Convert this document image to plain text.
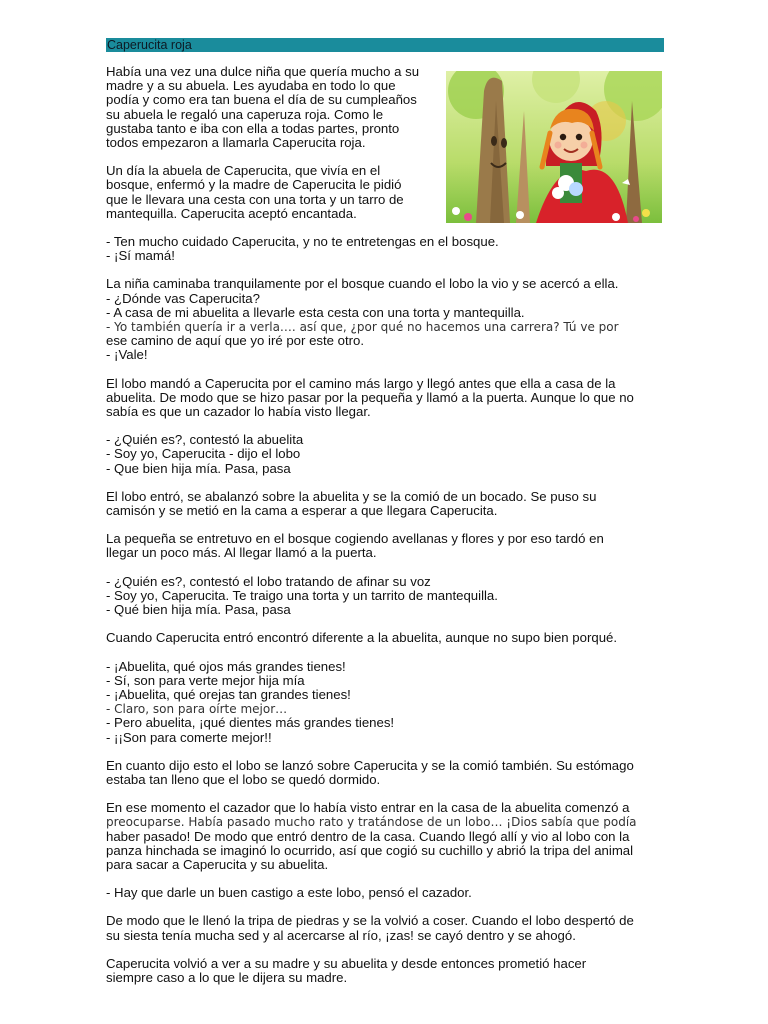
Caperucita roja

Había una vez una dulce niña que quería mucho a su
madre y a su abuela. Les ayudaba en todo lo que
podía y como era tan buena el día de su cumpleaños
su abuela le regaló una caperuza roja. Como le
gustaba tanto e iba con ella a todas partes, pronto
todos empezaron a llamarla Caperucita roja.

Un día la abuela de Caperucita, que vivía en el
bosque, enfermó y la madre de Caperucita le pidió
que le llevara una cesta con una torta y un tarro de
mantequilla. Caperucita aceptó encantada.

- Ten mucho cuidado Caperucita, y no te entretengas en el bosque.
- ¡Sí mamá!

La niña caminaba tranquilamente por el bosque cuando el lobo la vio y se acercó a ella.
- ¿Dónde vas Caperucita?
- A casa de mi abuelita a llevarle esta cesta con una torta y mantequilla.
- Yo también quería ir a verla…. así que, ¿por qué no hacemos una carrera? Tú ve por
ese camino de aquí que yo iré por este otro.
- ¡Vale!

El lobo mandó a Caperucita por el camino más largo y llegó antes que ella a casa de la
abuelita. De modo que se hizo pasar por la pequeña y llamó a la puerta. Aunque lo que no
sabía es que un cazador lo había visto llegar.

- ¿Quién es?, contestó la abuelita
- Soy yo, Caperucita - dijo el lobo
- Que bien hija mía. Pasa, pasa

El lobo entró, se abalanzó sobre la abuelita y se la comió de un bocado. Se puso su
camisón y se metió en la cama a esperar a que llegara Caperucita.

La pequeña se entretuvo en el bosque cogiendo avellanas y flores y por eso tardó en
llegar un poco más. Al llegar llamó a la puerta.

- ¿Quién es?, contestó el lobo tratando de afinar su voz
- Soy yo, Caperucita. Te traigo una torta y un tarrito de mantequilla.
- Qué bien hija mía. Pasa, pasa

Cuando Caperucita entró encontró diferente a la abuelita, aunque no supo bien porqué.

- ¡Abuelita, qué ojos más grandes tienes!
- Sí, son para verte mejor hija mía
- ¡Abuelita, qué orejas tan grandes tienes!
- Claro, son para oírte mejor…
- Pero abuelita, ¡qué dientes más grandes tienes!
- ¡¡Son para comerte mejor!!

En cuanto dijo esto el lobo se lanzó sobre Caperucita y se la comió también. Su estómago
estaba tan lleno que el lobo se quedó dormido.

En ese momento el cazador que lo había visto entrar en la casa de la abuelita comenzó a
preocuparse. Había pasado mucho rato y tratándose de un lobo… ¡Dios sabía que podía
haber pasado! De modo que entró dentro de la casa. Cuando llegó allí y vio al lobo con la
panza hinchada se imaginó lo ocurrido, así que cogió su cuchillo y abrió la tripa del animal
para sacar a Caperucita y su abuelita.

- Hay que darle un buen castigo a este lobo, pensó el cazador.

De modo que le llenó la tripa de piedras y se la volvió a coser. Cuando el lobo despertó de
su siesta tenía mucha sed y al acercarse al río, ¡zas! se cayó dentro y se ahogó.

Caperucita volvió a ver a su madre y su abuelita y desde entonces prometió hacer
siempre caso a lo que le dijera su madre.
